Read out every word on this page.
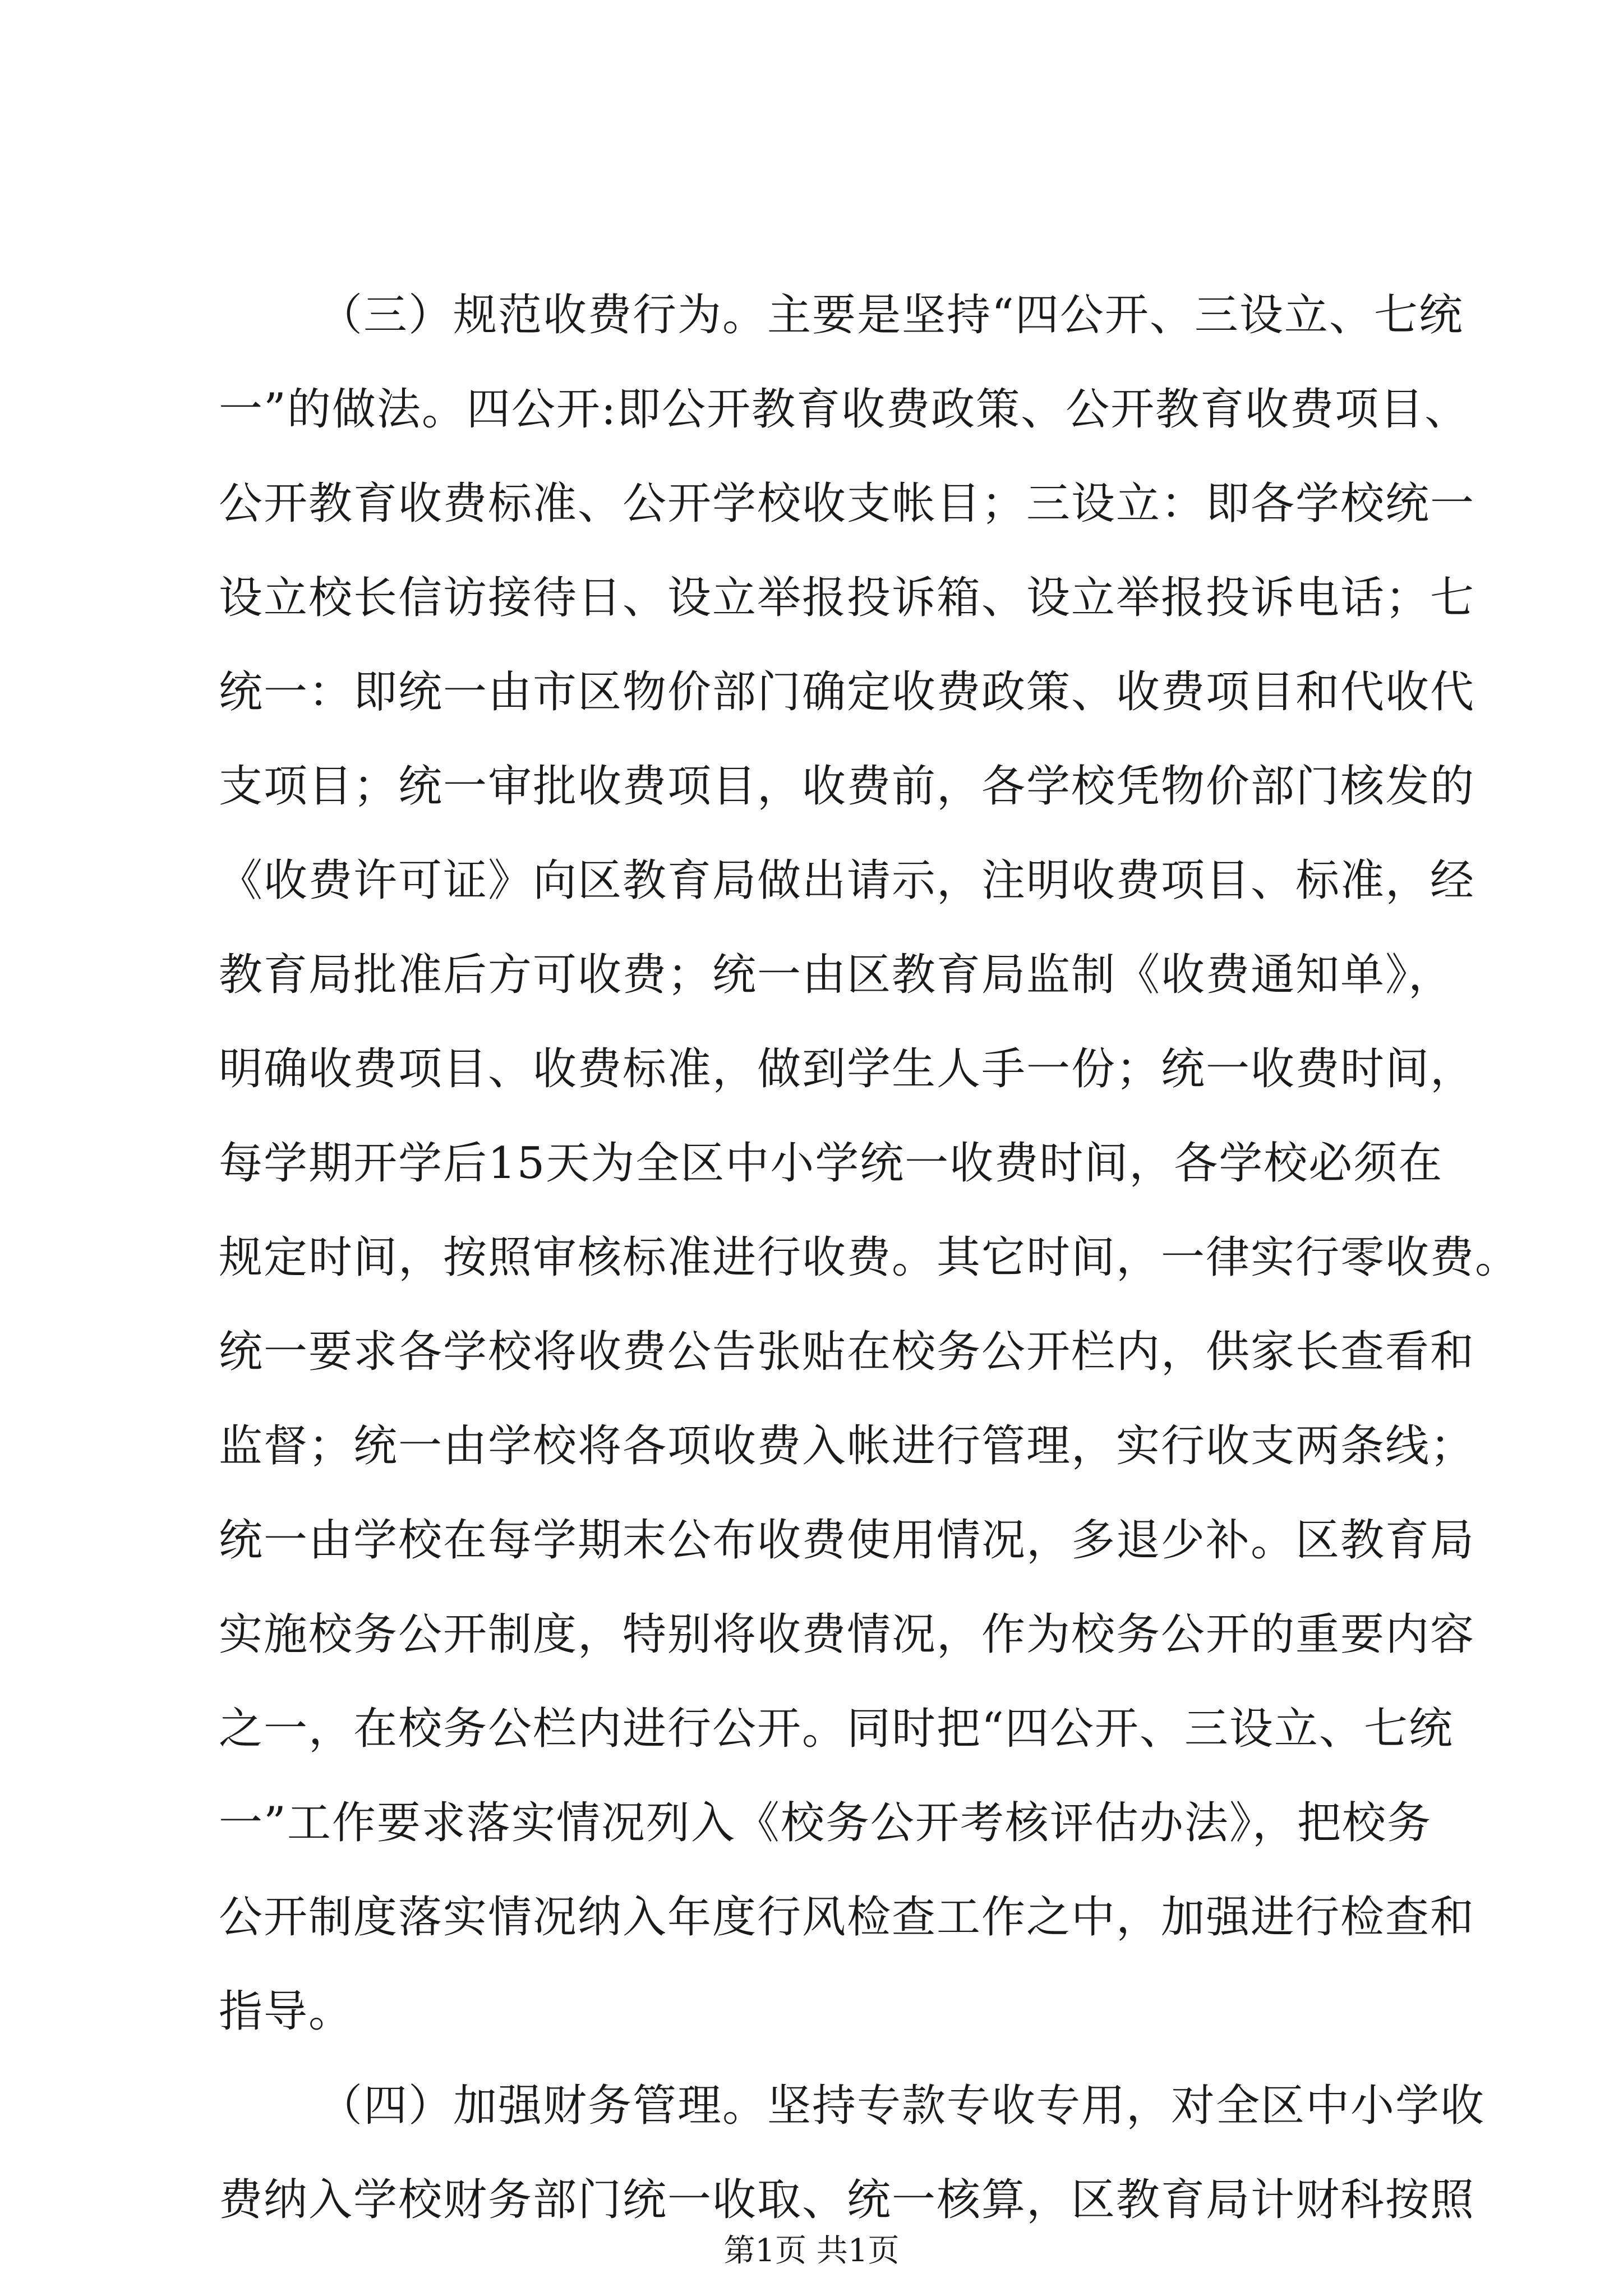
（三）规范收费行为。主要是坚持“四公开、三设立、七统
一”的做法。四公开:即公开教育收费政策、公开教育收费项目、
公开教育收费标准、公开学校收支帐目；三设立：即各学校统一
设立校长信访接待日、设立举报投诉箱、设立举报投诉电话；七
统一：即统一由市区物价部门确定收费政策、收费项目和代收代
支项目；统一审批收费项目，收费前，各学校凭物价部门核发的
《收费许可证》向区教育局做出请示，注明收费项目、标准，经
教育局批准后方可收费；统一由区教育局监制《收费通知单》，
明确收费项目、收费标准，做到学生人手一份；统一收费时间，
每学期开学后15天为全区中小学统一收费时间，各学校必须在
规定时间，按照审核标准进行收费。其它时间，一律实行零收费。
统一要求各学校将收费公告张贴在校务公开栏内，供家长查看和
监督；统一由学校将各项收费入帐进行管理，实行收支两条线；
统一由学校在每学期末公布收费使用情况，多退少补。区教育局
实施校务公开制度，特别将收费情况，作为校务公开的重要内容
之一，在校务公栏内进行公开。同时把“四公开、三设立、七统
一”工作要求落实情况列入《校务公开考核评估办法》，把校务
公开制度落实情况纳入年度行风检查工作之中，加强进行检查和
指导。
（四）加强财务管理。坚持专款专收专用，对全区中小学收
费纳入学校财务部门统一收取、统一核算，区教育局计财科按照
第1页 共1页
